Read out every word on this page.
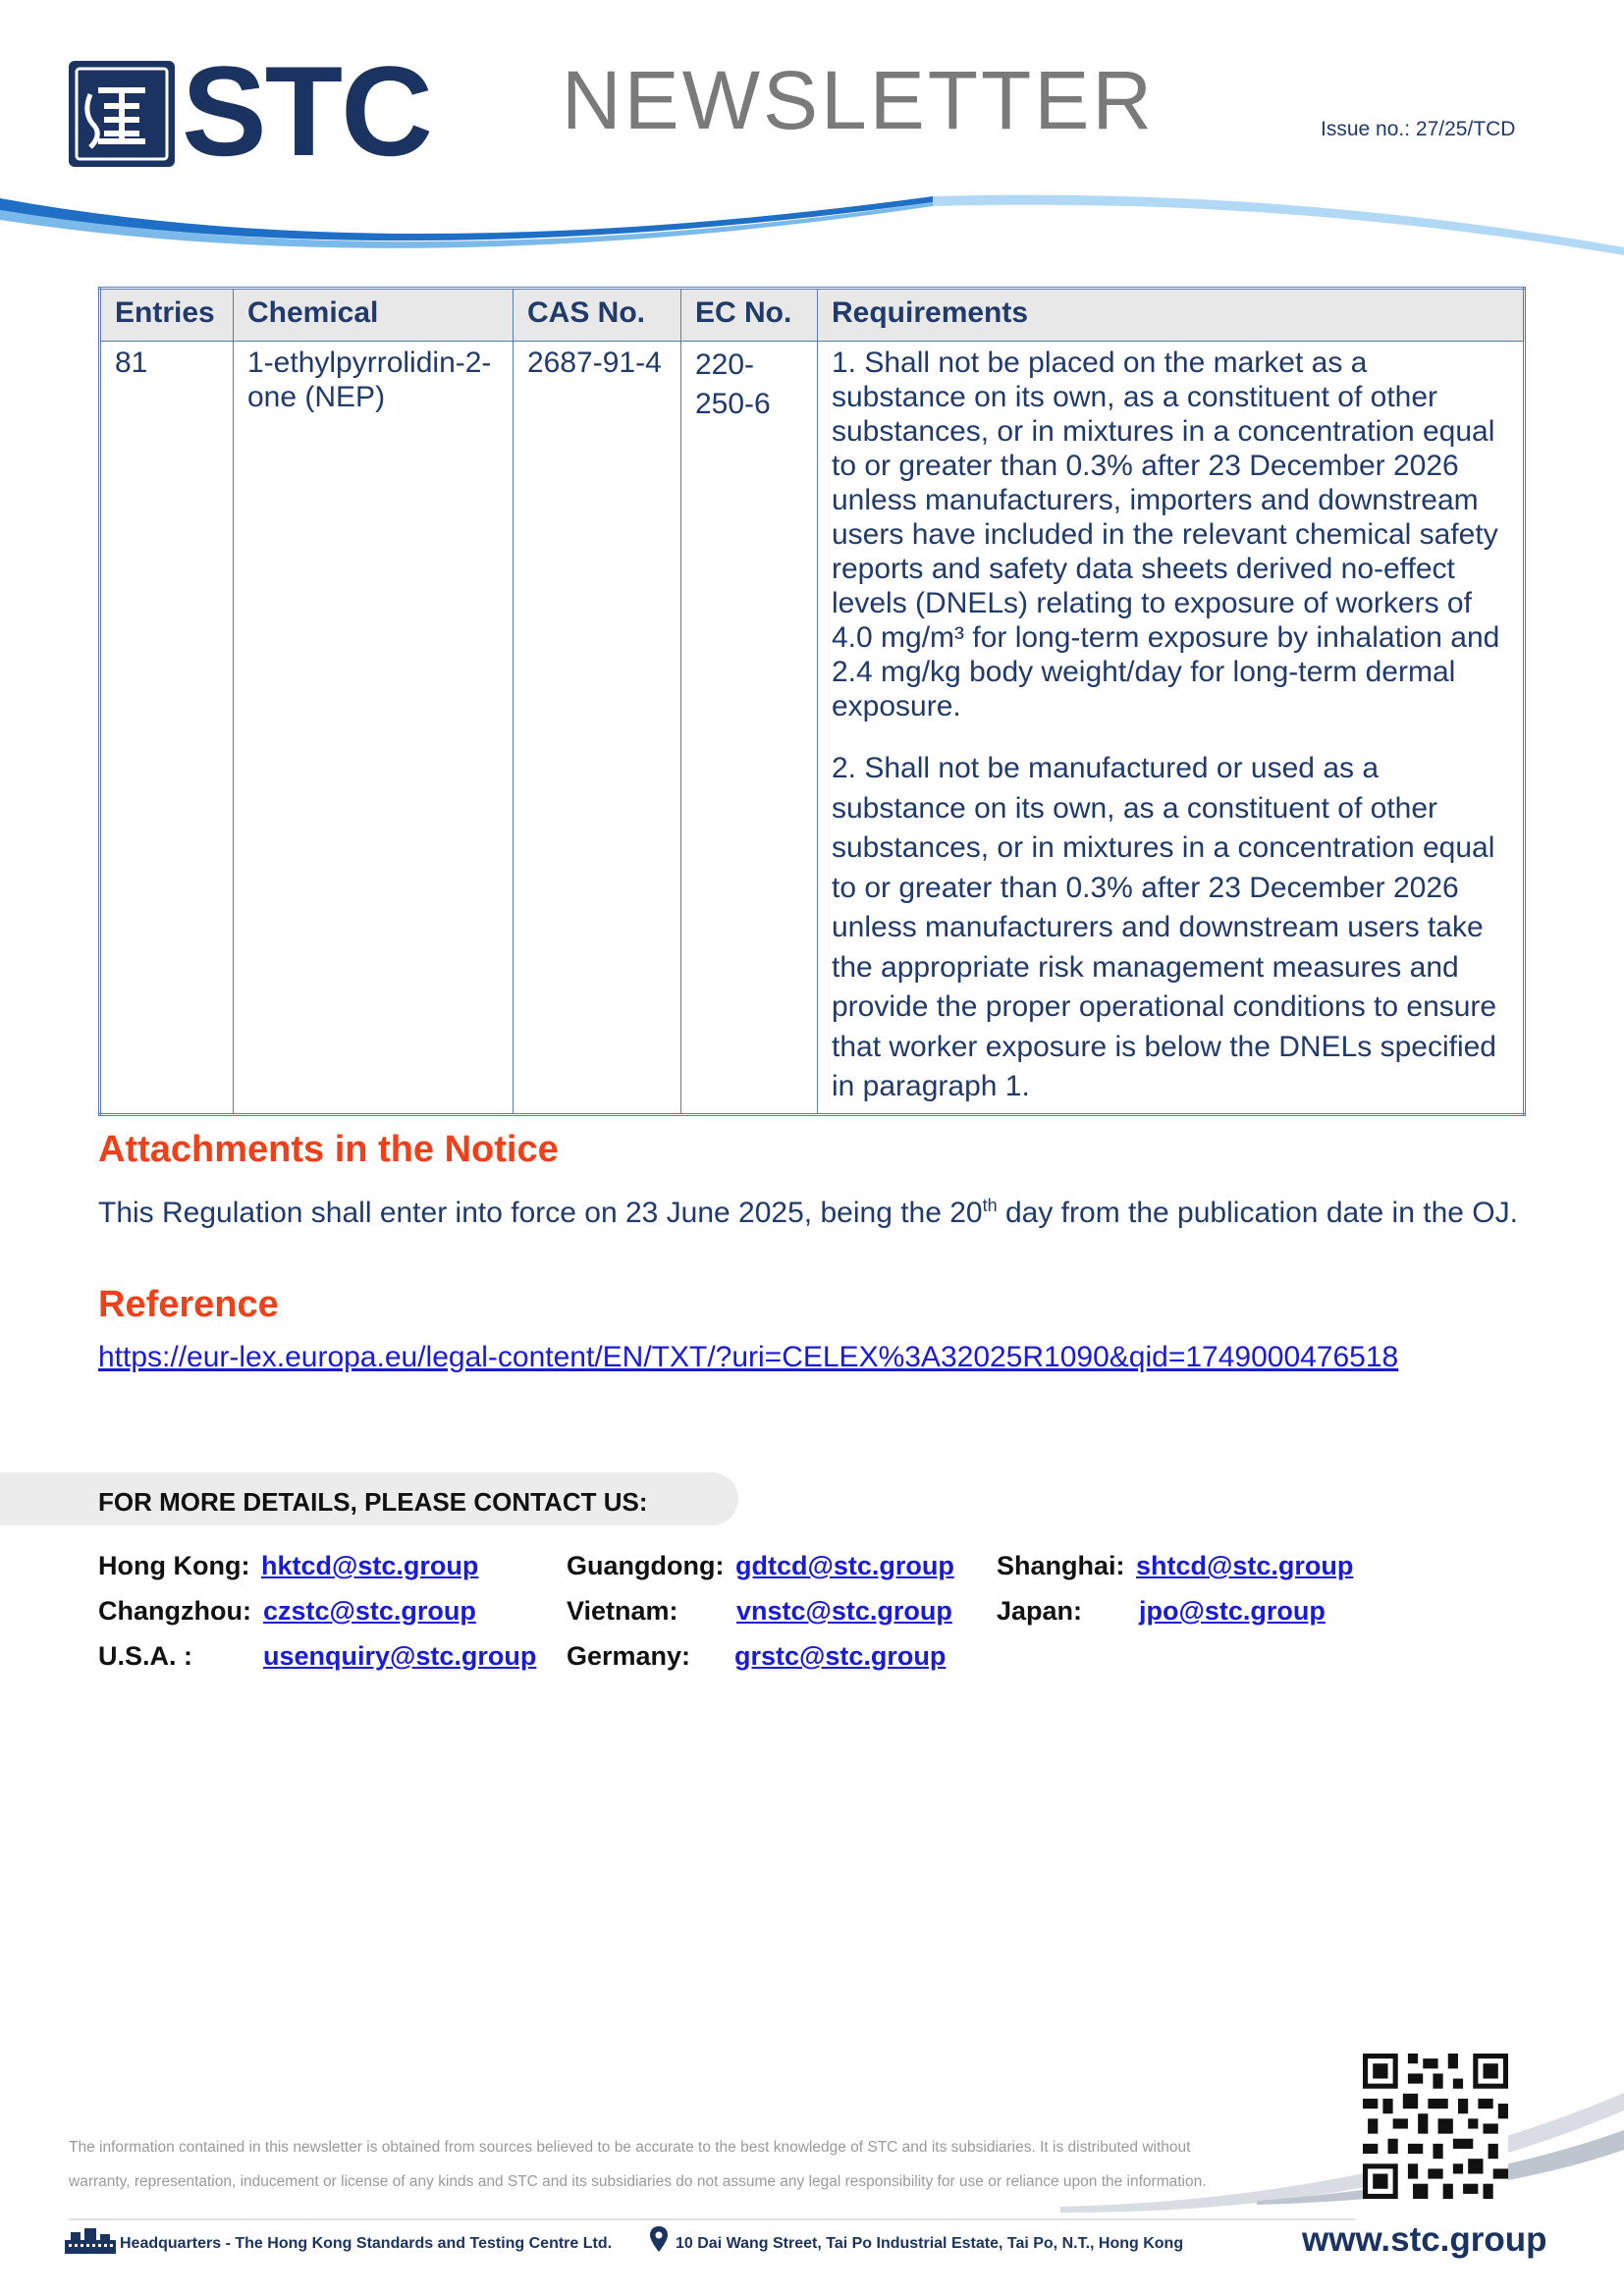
STC NEWSLETTER	Issue no.: 27/25/TCD
Entries	Chemical	CAS No.	EC No.	Requirements
81	1-ethylpyrrolidin-2-one (NEP)	2687-91-4	220-250-6	1. Shall not be placed on the market as a substance on its own, as a constituent of other substances, or in mixtures in a concentration equal to or greater than 0.3% after 23 December 2026 unless manufacturers, importers and downstream users have included in the relevant chemical safety reports and safety data sheets derived no-effect levels (DNELs) relating to exposure of workers of 4.0 mg/m³ for long-term exposure by inhalation and 2.4 mg/kg body weight/day for long-term dermal exposure.
2. Shall not be manufactured or used as a substance on its own, as a constituent of other substances, or in mixtures in a concentration equal to or greater than 0.3% after 23 December 2026 unless manufacturers and downstream users take the appropriate risk management measures and provide the proper operational conditions to ensure that worker exposure is below the DNELs specified in paragraph 1.
Attachments in the Notice
This Regulation shall enter into force on 23 June 2025, being the 20th day from the publication date in the OJ.
Reference
https://eur-lex.europa.eu/legal-content/EN/TXT/?uri=CELEX%3A32025R1090&qid=1749000476518
FOR MORE DETAILS, PLEASE CONTACT US:
Hong Kong: hktcd@stc.group	Guangdong: gdtcd@stc.group Shanghai: shtcd@stc.group
Changzhou: czstc@stc.group	Vietnam: vnstc@stc.group Japan: jpo@stc.group
U.S.A. :	usenquiry@stc.group Germany: grstc@stc.group
The information contained in this newsletter is obtained from sources believed to be accurate to the best knowledge of STC and its subsidiaries. It is distributed without
warranty, representation, inducement or license of any kinds and STC and its subsidiaries do not assume any legal responsibility for use or reliance upon the information.
Headquarters - The Hong Kong Standards and Testing Centre Ltd.	10 Dai Wang Street, Tai Po Industrial Estate, Tai Po, N.T., Hong Kong	www.stc.group
